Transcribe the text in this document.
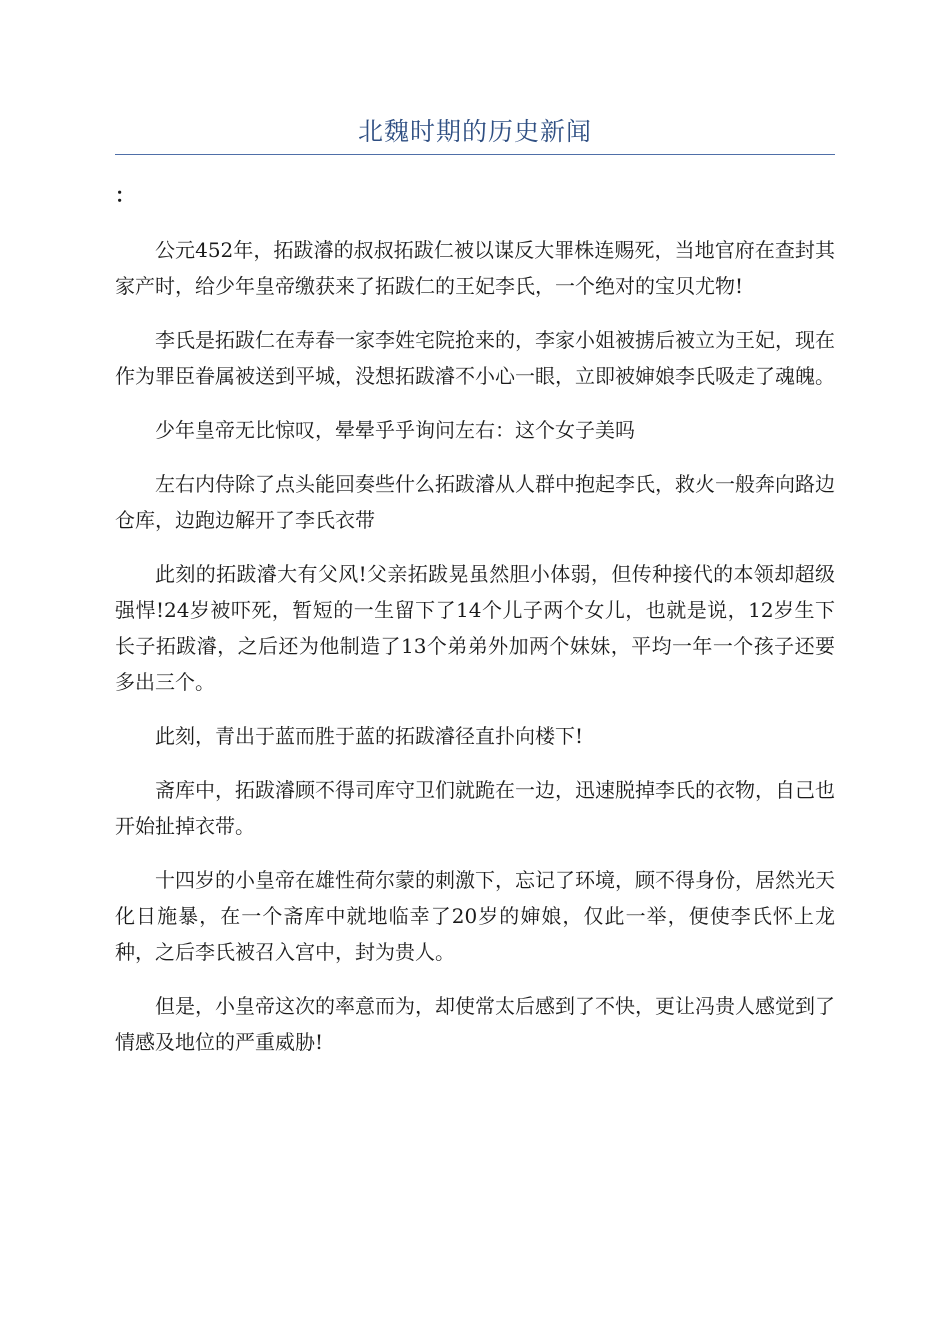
北魏时期的历史新闻
：

公元452年，拓跋濬的叔叔拓跋仁被以谋反大罪株连赐死，当地官府在查封其家产时，给少年皇帝缴获来了拓跋仁的王妃李氏，一个绝对的宝贝尤物!

李氏是拓跋仁在寿春一家李姓宅院抢来的，李家小姐被掳后被立为王妃，现在作为罪臣眷属被送到平城，没想拓跋濬不小心一眼，立即被婶娘李氏吸走了魂魄。

少年皇帝无比惊叹，晕晕乎乎询问左右：这个女子美吗

左右内侍除了点头能回奏些什么拓跋濬从人群中抱起李氏，救火一般奔向路边仓库，边跑边解开了李氏衣带

此刻的拓跋濬大有父风!父亲拓跋晃虽然胆小体弱，但传种接代的本领却超级强悍!24岁被吓死，暂短的一生留下了14个儿子两个女儿，也就是说，12岁生下长子拓跋濬，之后还为他制造了13个弟弟外加两个妹妹，平均一年一个孩子还要多出三个。

此刻，青出于蓝而胜于蓝的拓跋濬径直扑向楼下!

斋库中，拓跋濬顾不得司库守卫们就跪在一边，迅速脱掉李氏的衣物，自己也开始扯掉衣带。

十四岁的小皇帝在雄性荷尔蒙的刺激下，忘记了环境，顾不得身份，居然光天化日施暴，在一个斋库中就地临幸了20岁的婶娘，仅此一举，便使李氏怀上龙种，之后李氏被召入宫中，封为贵人。

但是，小皇帝这次的率意而为，却使常太后感到了不快，更让冯贵人感觉到了情感及地位的严重威胁!
